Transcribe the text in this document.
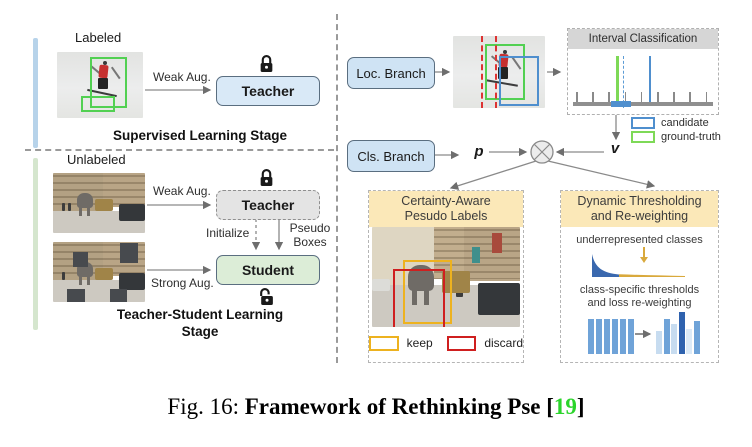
Labeled
Weak Aug.
Teacher
Supervised Learning Stage
Unlabeled
Weak Aug.
Teacher
Initialize	Pseudo
Boxes
Strong Aug.
Student
Teacher-Student Learning
Stage
Loc. Branch
Cls. Branch	p	v
Interval Classification
candidate
ground-truth
Certainty-Aware
Pesudo Labels
keep	discard
Dynamic Thresholding
and Re-weighting
underrepresented classes
class-specific thresholds
and loss re-weighting
Fig. 16: Framework of Rethinking Pse [19]
